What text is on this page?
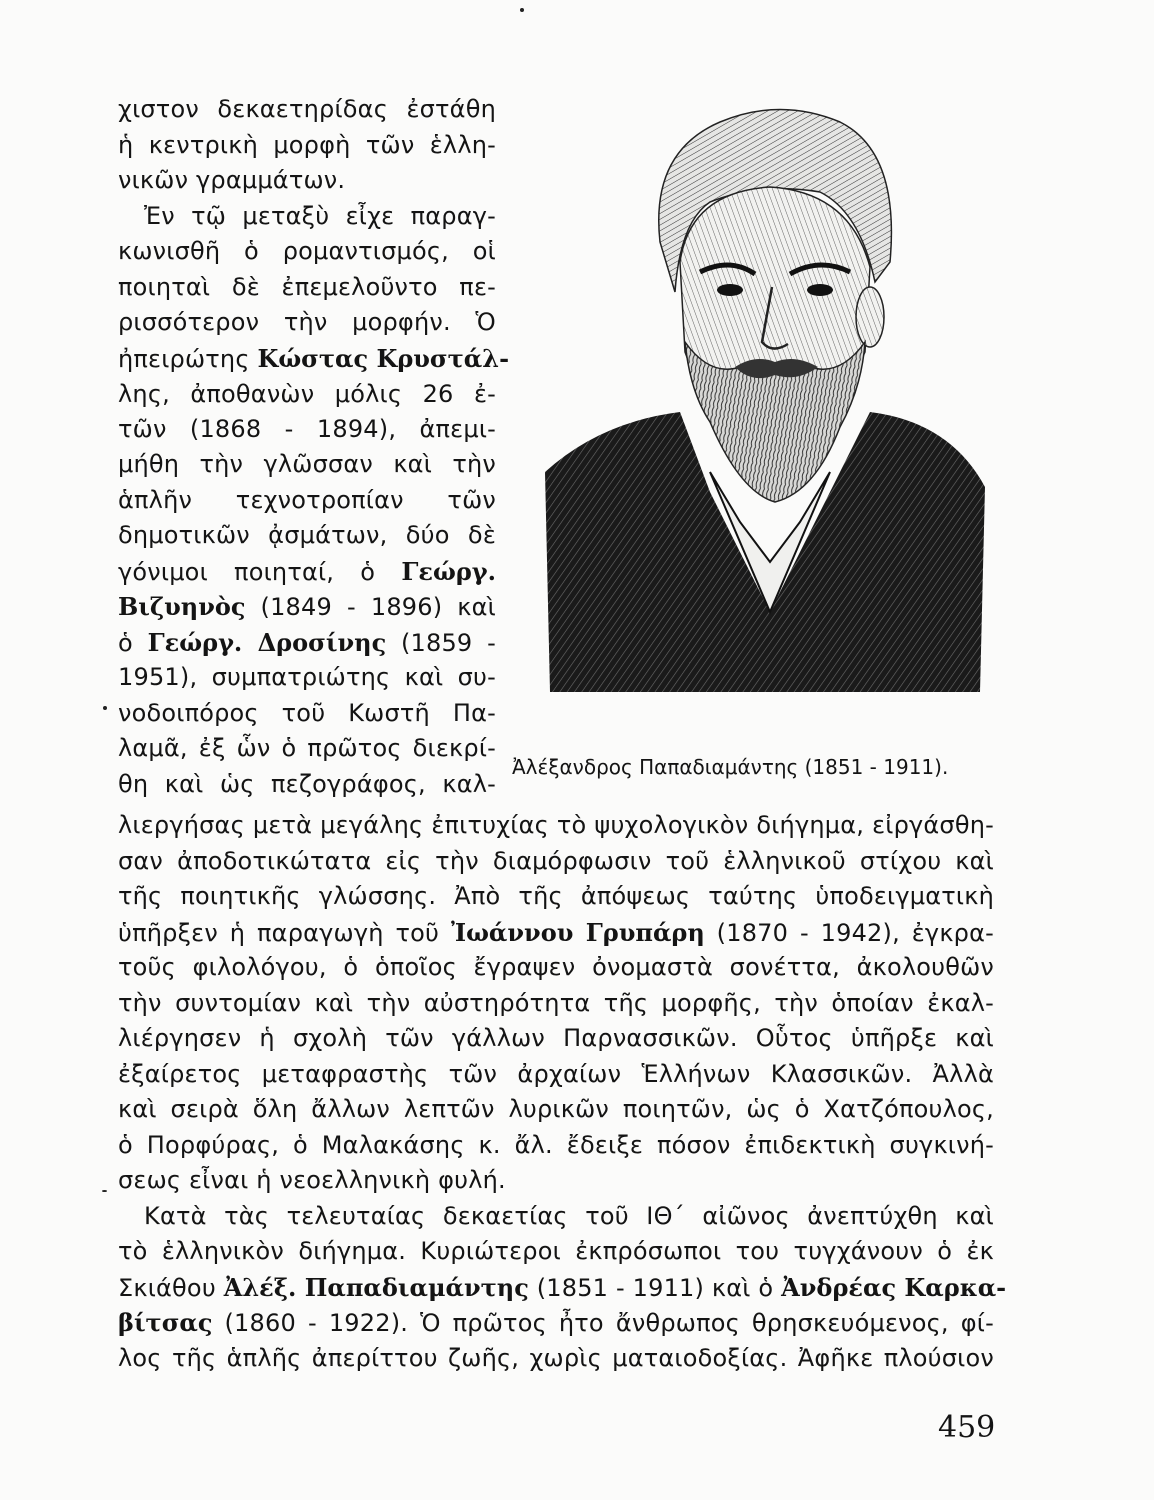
χιστον δεκαετηρίδας ἐστάθη
ἡ κεντρικὴ μορφὴ τῶν ἑλλη-
νικῶν γραμμάτων.
Ἐν τῷ μεταξὺ εἶχε παραγ-
κωνισθῆ ὁ ρομαντισμός, οἱ
ποιηταὶ δὲ ἐπεμελοῦντο πε-
ρισσότερον τὴν μορφήν. Ὁ
ἠπειρώτης Κώστας Κρυστάλ-
λης, ἀποθανὼν μόλις 26 ἐ-
τῶν (1868 - 1894), ἀπεμι-
μήθη τὴν γλῶσσαν καὶ τὴν
ἁπλῆν τεχνοτροπίαν τῶν
δημοτικῶν ᾀσμάτων, δύο δὲ
γόνιμοι ποιηταί, ὁ Γεώργ.
Βιζυηνὸς (1849 - 1896) καὶ
ὁ Γεώργ. Δροσίνης (1859 -
1951), συμπατριώτης καὶ συ-
νοδοιπόρος τοῦ Κωστῆ Πα-
λαμᾶ, ἐξ ὧν ὁ πρῶτος διεκρί-
θη καὶ ὡς πεζογράφος, καλ-
Ἀλέξανδρος Παπαδιαμάντης (1851 - 1911).
λιεργήσας μετὰ μεγάλης ἐπιτυχίας τὸ ψυχολογικὸν διήγημα, εἰργάσθη-
σαν ἀποδοτικώτατα εἰς τὴν διαμόρφωσιν τοῦ ἑλληνικοῦ στίχου καὶ
τῆς ποιητικῆς γλώσσης. Ἀπὸ τῆς ἀπόψεως ταύτης ὑποδειγματικὴ
ὑπῆρξεν ἡ παραγωγὴ τοῦ Ἰωάννου Γρυπάρη (1870 - 1942), ἐγκρα-
τοῦς φιλολόγου, ὁ ὁποῖος ἔγραψεν ὀνομαστὰ σονέττα, ἀκολουθῶν
τὴν συντομίαν καὶ τὴν αὐστηρότητα τῆς μορφῆς, τὴν ὁποίαν ἐκαλ-
λιέργησεν ἡ σχολὴ τῶν γάλλων Παρνασσικῶν. Οὗτος ὑπῆρξε καὶ
ἐξαίρετος μεταφραστὴς τῶν ἀρχαίων Ἑλλήνων Κλασσικῶν. Ἀλλὰ
καὶ σειρὰ ὅλη ἄλλων λεπτῶν λυρικῶν ποιητῶν, ὡς ὁ Χατζόπουλος,
ὁ Πορφύρας, ὁ Μαλακάσης κ. ἄλ. ἔδειξε πόσον ἐπιδεκτικὴ συγκινή-
σεως εἶναι ἡ νεοελληνικὴ φυλή.
Κατὰ τὰς τελευταίας δεκαετίας τοῦ ΙΘ΄ αἰῶνος ἀνεπτύχθη καὶ
τὸ ἑλληνικὸν διήγημα. Κυριώτεροι ἐκπρόσωποι του τυγχάνουν ὁ ἐκ
Σκιάθου Ἀλέξ. Παπαδιαμάντης (1851 - 1911) καὶ ὁ Ἀνδρέας Καρκα-
βίτσας (1860 - 1922). Ὁ πρῶτος ἦτο ἄνθρωπος θρησκευόμενος, φί-
λος τῆς ἁπλῆς ἀπερίττου ζωῆς, χωρὶς ματαιοδοξίας. Ἀφῆκε πλούσιον
459
